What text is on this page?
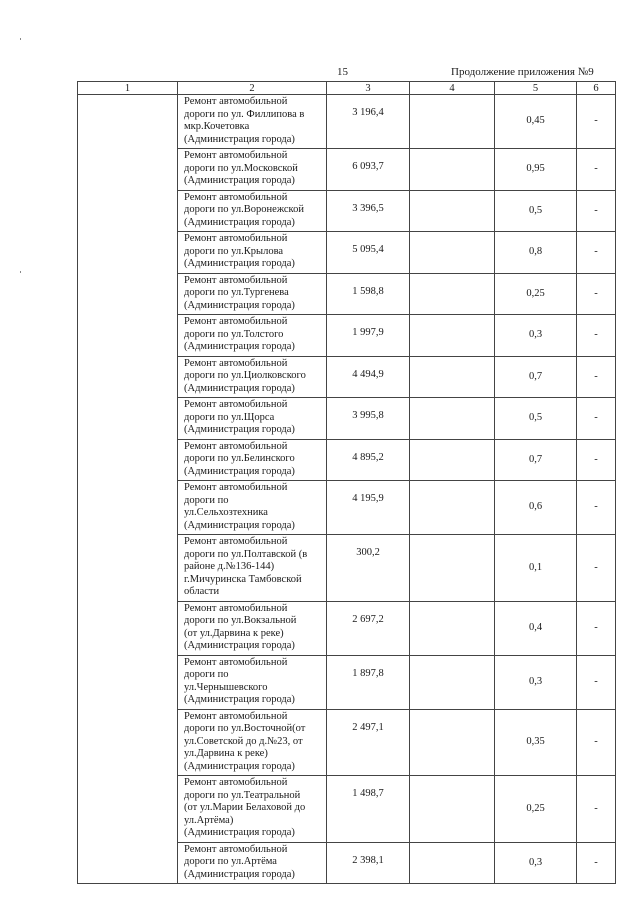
15	Продолжение приложения №9
1	2	3	4	5	6

	Ремонт автомобильной
дороги по ул. Филлипова в
мкр.Кочетовка
(Администрация города)	3 196,4		0,45	-

	Ремонт автомобильной
дороги по ул.Московской
(Администрация города)	6 093,7		0,95	-

	Ремонт автомобильной
дороги по ул.Воронежской
(Администрация города)	3 396,5		0,5	-

	Ремонт автомобильной
дороги по ул.Крылова
(Администрация города)	5 095,4		0,8	-

	Ремонт автомобильной
дороги по ул.Тургенева
(Администрация города)	1 598,8		0,25	-

	Ремонт автомобильной
дороги по ул.Толстого
(Администрация города)	1 997,9		0,3	-

	Ремонт автомобильной
дороги по ул.Циолковского
(Администрация города)	4 494,9		0,7	-

	Ремонт автомобильной
дороги по ул.Щорса
(Администрация города)	3 995,8		0,5	-

	Ремонт автомобильной
дороги по ул.Белинского
(Администрация города)	4 895,2		0,7	-

	Ремонт автомобильной
дороги по
ул.Сельхозтехника
(Администрация города)	4 195,9		0,6	-

	Ремонт автомобильной
дороги по ул.Полтавской (в
районе д.№136-144)
г.Мичуринска Тамбовской
области	300,2		0,1	-

	Ремонт автомобильной
дороги по ул.Вокзальной
(от ул.Дарвина к реке)
(Администрация города)	2 697,2		0,4	-

	Ремонт автомобильной
дороги по
ул.Чернышевского
(Администрация города)	1 897,8		0,3	-

	Ремонт автомобильной
дороги по ул.Восточной(от
ул.Советской до д.№23, от
ул.Дарвина к реке)
(Администрация города)	2 497,1		0,35	-

	Ремонт автомобильной
дороги по ул.Театральной
(от ул.Марии Белаховой до
ул.Артёма)
(Администрация города)	1 498,7		0,25	-

	Ремонт автомобильной
дороги по ул.Артёма
(Администрация города)	2 398,1		0,3	-
